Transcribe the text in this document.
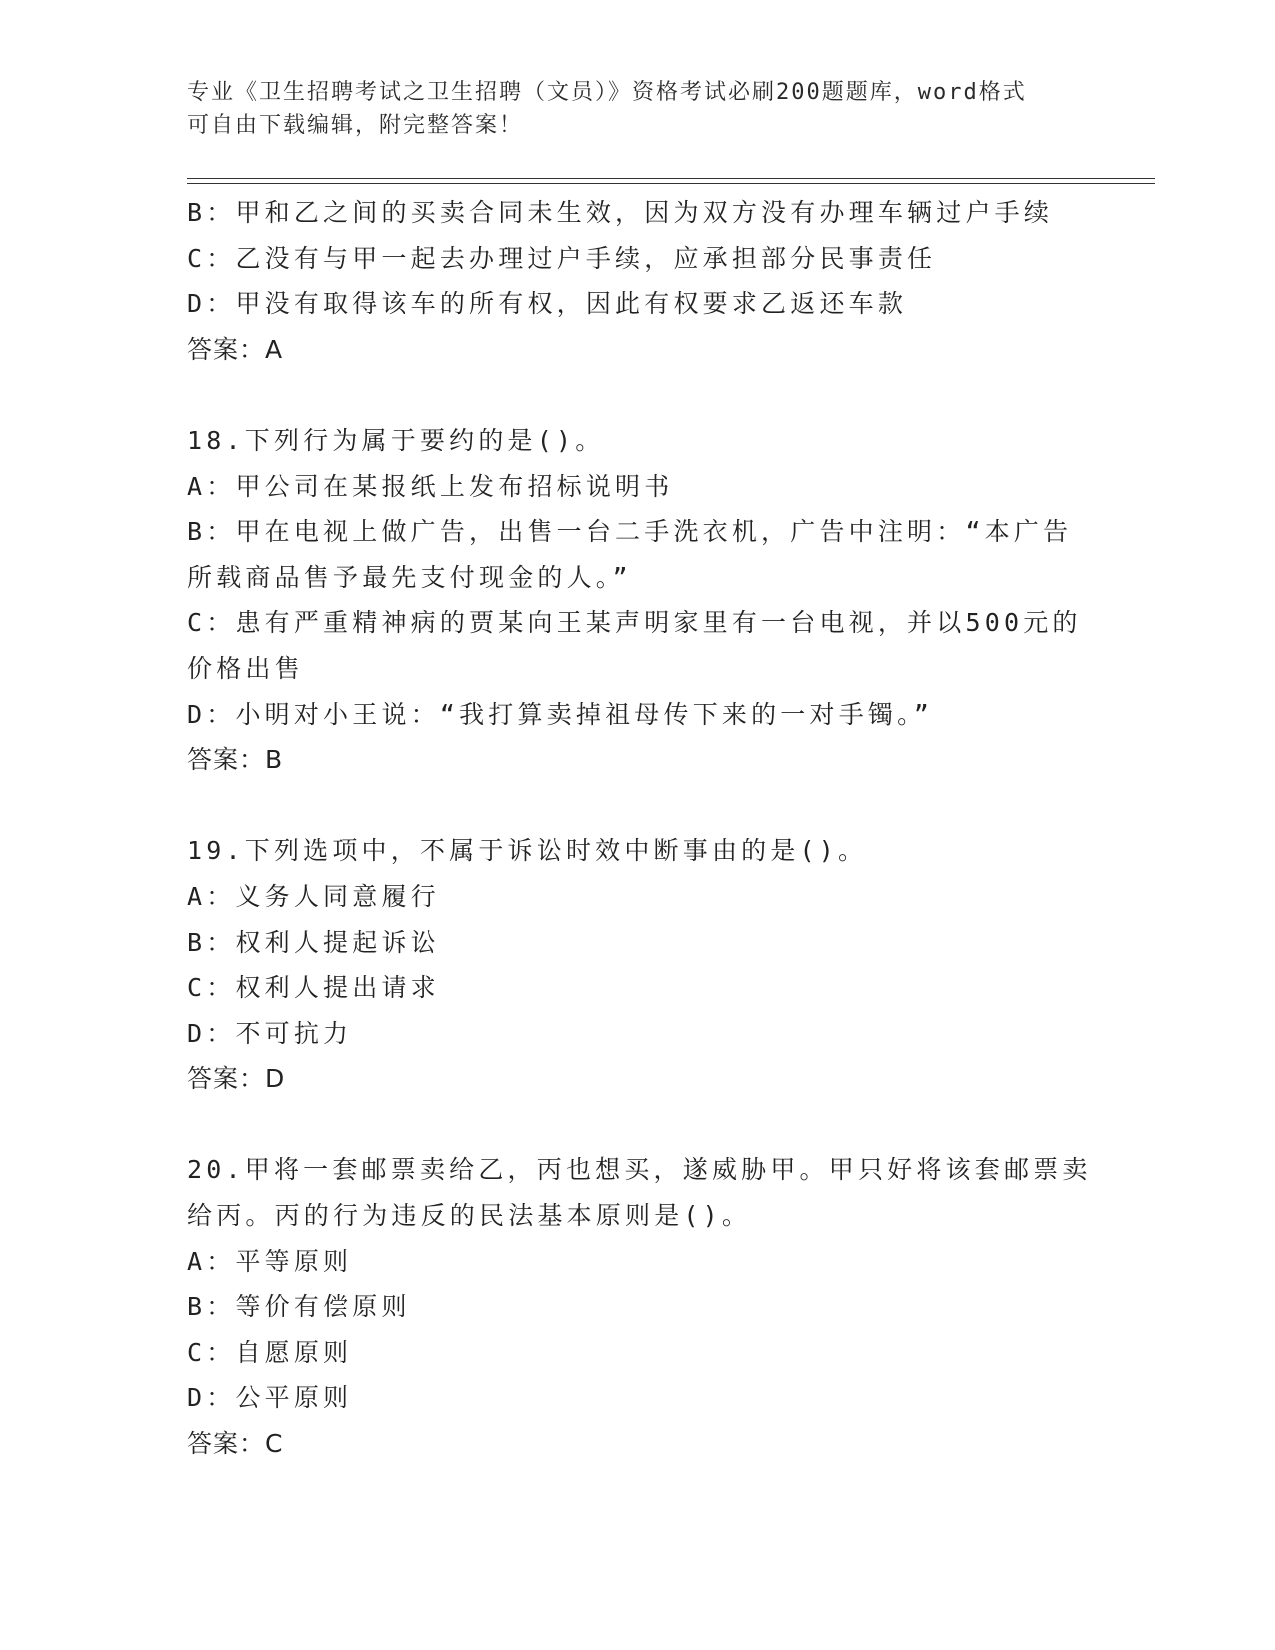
专业《卫生招聘考试之卫生招聘（文员）》资格考试必刷200题题库，word格式
可自由下载编辑，附完整答案！

B：甲和乙之间的买卖合同未生效，因为双方没有办理车辆过户手续

C：乙没有与甲一起去办理过户手续，应承担部分民事责任

D：甲没有取得该车的所有权，因此有权要求乙返还车款

答案：A

18.下列行为属于要约的是()。

A：甲公司在某报纸上发布招标说明书

B：甲在电视上做广告，出售一台二手洗衣机，广告中注明：“本广告

所载商品售予最先支付现金的人。”

C：患有严重精神病的贾某向王某声明家里有一台电视，并以500元的

价格出售

D：小明对小王说：“我打算卖掉祖母传下来的一对手镯。”

答案：B

19.下列选项中，不属于诉讼时效中断事由的是()。

A：义务人同意履行

B：权利人提起诉讼

C：权利人提出请求

D：不可抗力

答案：D

20.甲将一套邮票卖给乙，丙也想买，遂威胁甲。甲只好将该套邮票卖

给丙。丙的行为违反的民法基本原则是()。

A：平等原则

B：等价有偿原则

C：自愿原则

D：公平原则

答案：C
